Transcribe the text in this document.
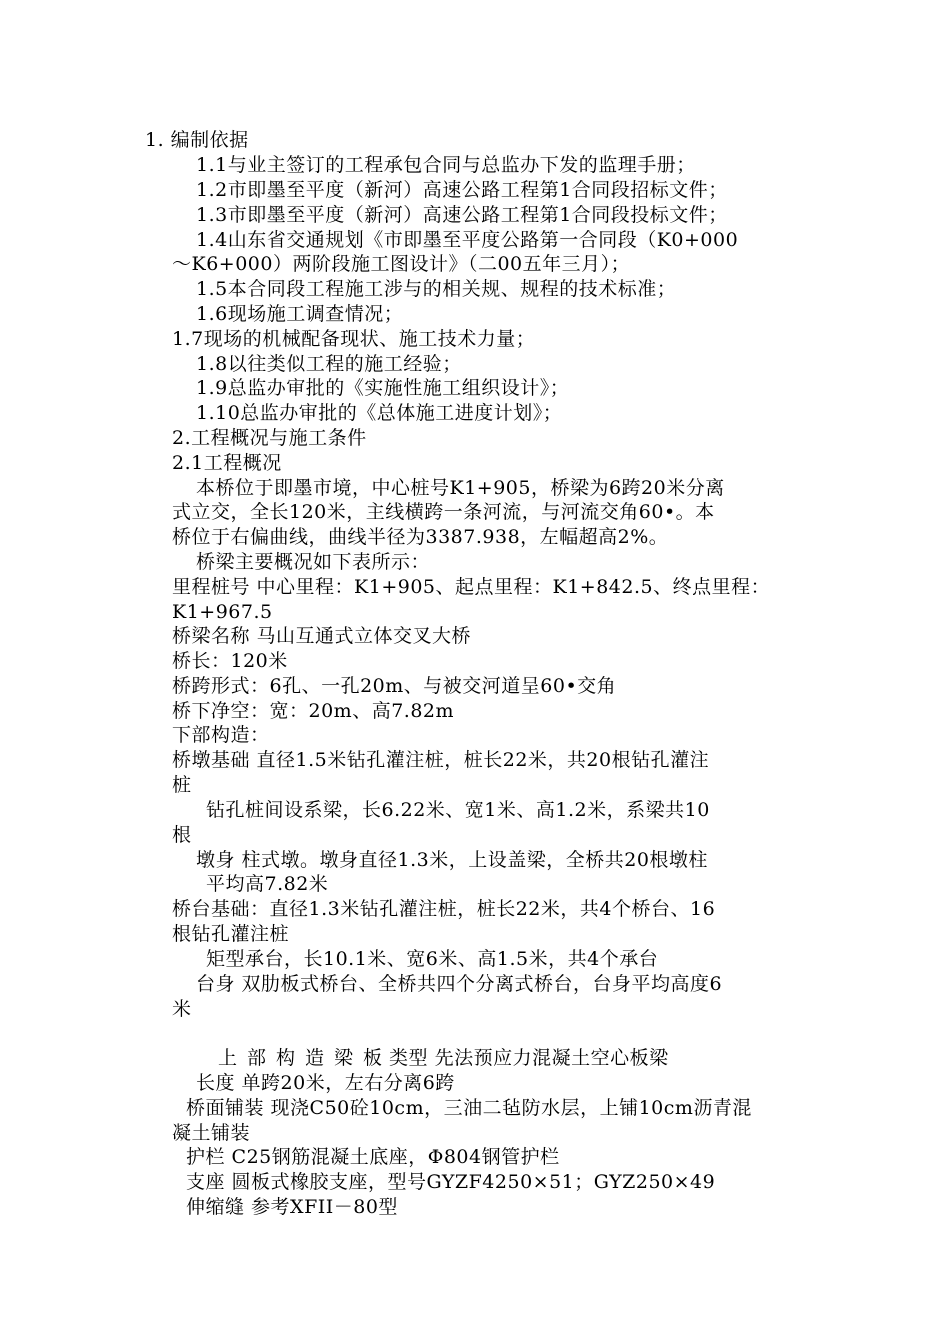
1. 编制依据
1.1与业主签订的工程承包合同与总监办下发的监理手册；
1.2市即墨至平度（新河）高速公路工程第1合同段招标文件；
1.3市即墨至平度（新河）高速公路工程第1合同段投标文件；
1.4山东省交通规划《市即墨至平度公路第一合同段（K0+000
～K6+000）两阶段施工图设计》（二00五年三月）；
1.5本合同段工程施工涉与的相关规、规程的技术标准；
1.6现场施工调查情况；
1.7现场的机械配备现状、施工技术力量；
1.8以往类似工程的施工经验；
1.9总监办审批的《实施性施工组织设计》；
1.10总监办审批的《总体施工进度计划》；
2.工程概况与施工条件
2.1工程概况
本桥位于即墨市境，中心桩号K1+905，桥梁为6跨20米分离
式立交，全长120米，主线横跨一条河流，与河流交角60•。本
桥位于右偏曲线，曲线半径为3387.938，左幅超高2%。
桥梁主要概况如下表所示：
里程桩号 中心里程：K1+905、起点里程：K1+842.5、终点里程：
K1+967.5
桥梁名称 马山互通式立体交叉大桥
桥长：120米
桥跨形式：6孔、一孔20m、与被交河道呈60•交角
桥下净空：宽：20m、高7.82m
下部构造：
桥墩基础 直径1.5米钻孔灌注桩，桩长22米，共20根钻孔灌注
桩
钻孔桩间设系梁，长6.22米、宽1米、高1.2米，系梁共10
根
墩身 柱式墩。墩身直径1.3米，上设盖梁，全桥共20根墩柱
平均高7.82米
桥台基础：直径1.3米钻孔灌注桩，桩长22米，共4个桥台、16
根钻孔灌注桩
矩型承台，长10.1米、宽6米、高1.5米，共4个承台
台身 双肋板式桥台、全桥共四个分离式桥台，台身平均高度6
米
上部构造梁板 类型 先法预应力混凝土空心板梁
长度 单跨20米，左右分离6跨
桥面铺装 现浇C50砼10cm，三油二毡防水层，上铺10cm沥青混
凝土铺装
护栏 C25钢筋混凝土底座，Φ804钢管护栏
支座 圆板式橡胶支座，型号GYZF4250×51；GYZ250×49
伸缩缝 参考XFII－80型
